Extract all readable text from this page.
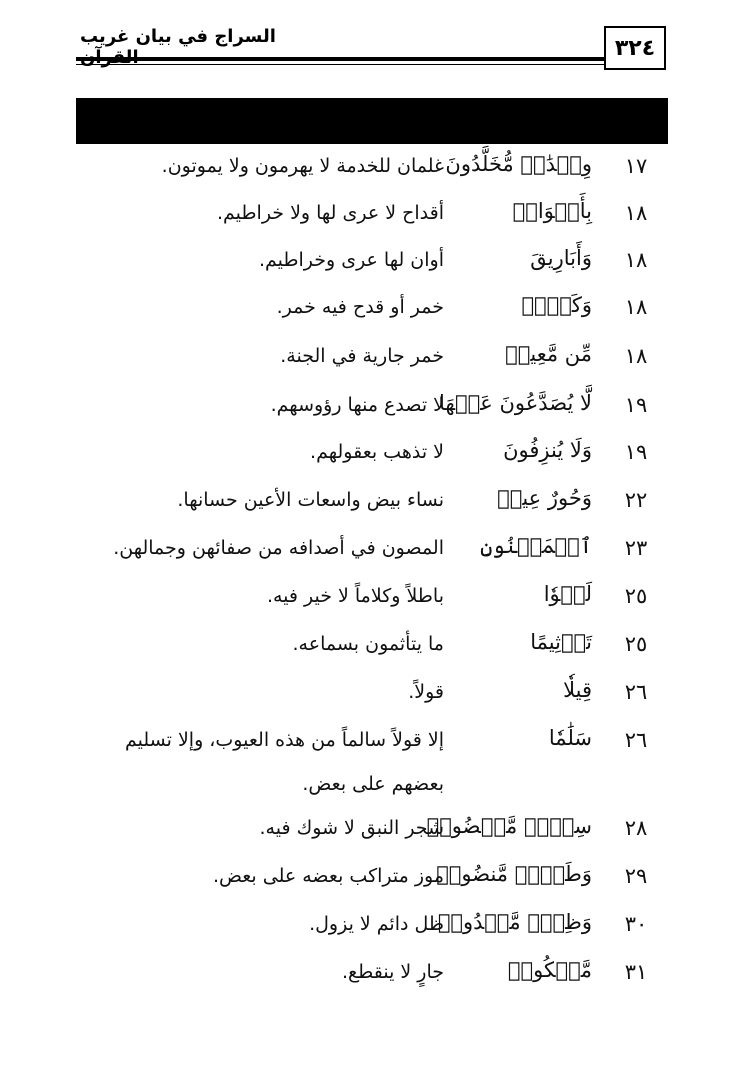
السراج في بيان غريب	٣٢٤
١٧
وِلۡدَٰنٞ مُّخَلَّدُونَ
غلمان للخدمة لا يهرمون ولا يموتون.
١٨
بِأَكۡوَابٖ
أقداح لا عرى لها ولا خراطيم.
١٨
وَأَبَارِيقَ
أوان لها عرى وخراطيم.
١٨
وَكَأۡسٖ
خمر أو قدح فيه خمر.
١٨
مِّن مَّعِينٖ
خمر جارية في الجنة.
١٩
لَّا يُصَدَّعُونَ عَنۡهَا
لا تصدع منها رؤوسهم.
١٩
وَلَا يُنزِفُونَ
لا تذهب بعقولهم.
٢٢
وَحُورٌ عِينٞ
نساء بيض واسعات الأعين حسانها.
٢٣
ٱلۡمَكۡنُونِ
المصون في أصدافه من صفائهن وجمالهن.
٢٥
لَغۡوٗا
باطلاً وكلاماً لا خير فيه.
٢٥
تَأۡثِيمًا
ما يتأثمون بسماعه.
٢٦
قِيلٗا
قولاً.
٢٦
سَلَٰمٗا
إلا قولاً سالماً من هذه العيوب، وإلا تسليم بعضهم على بعض.
٢٨
سِدۡرٖ مَّخۡضُودٖ
شجر النبق لا شوك فيه.
٢٩
وَطَلۡحٖ مَّنضُودٖ
موز متراكب بعضه على بعض.
٣٠
وَظِلّٖ مَّمۡدُودٖ
ظل دائم لا يزول.
٣١
مَّسۡكُوبٖ
جارٍ لا ينقطع.
